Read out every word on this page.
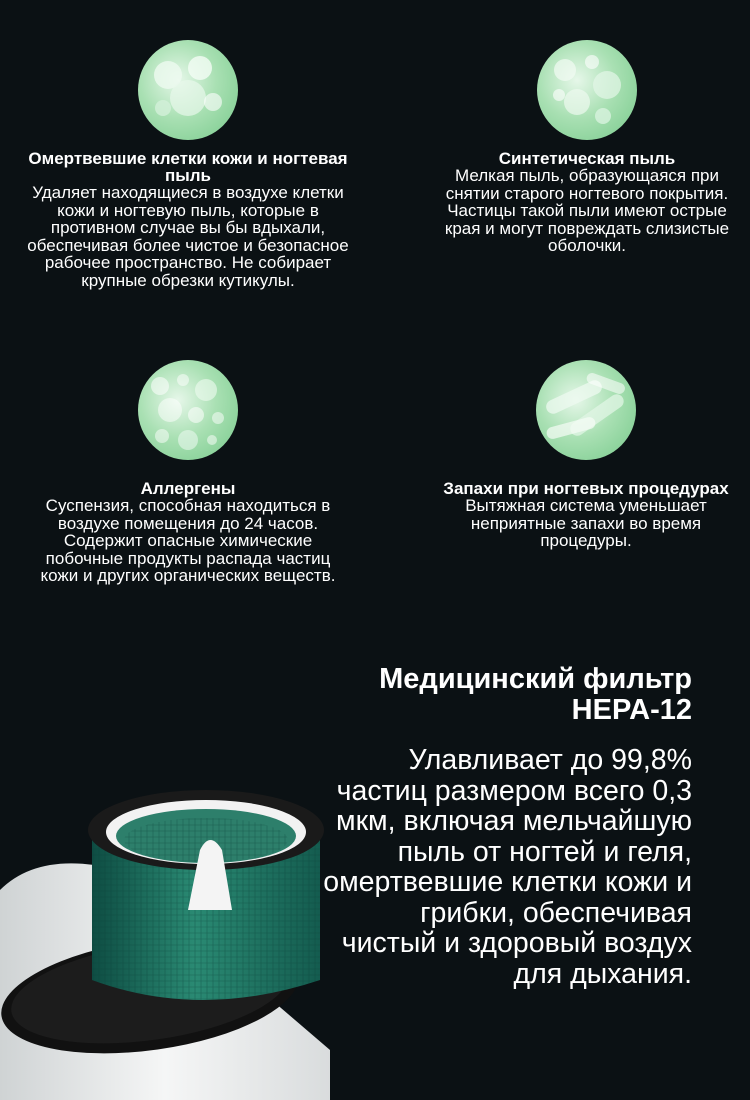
Омертвевшие клетки кожи и ногтевая пыль

Удаляет находящиеся в воздухе клетки кожи и ногтевую пыль, которые в противном случае вы бы вдыхали, обеспечивая более чистое и безопасное рабочее пространство. Не собирает крупные обрезки кутикулы.

Синтетическая пыль

Мелкая пыль, образующаяся при снятии старого ногтевого покрытия. Частицы такой пыли имеют острые края и могут повреждать слизистые оболочки.

Аллергены

Суспензия, способная находиться в воздухе помещения до 24 часов. Содержит опасные химические побочные продукты распада частиц кожи и других органических веществ.

Запахи при ногтевых процедурах

Вытяжная система уменьшает неприятные запахи во время процедуры.

Медицинский фильтр HEPA-12

Улавливает до 99,8% частиц размером всего 0,3 мкм, включая мельчайшую пыль от ногтей и геля, омертвевшие клетки кожи и грибки, обеспечивая чистый и здоровый воздух для дыхания.
